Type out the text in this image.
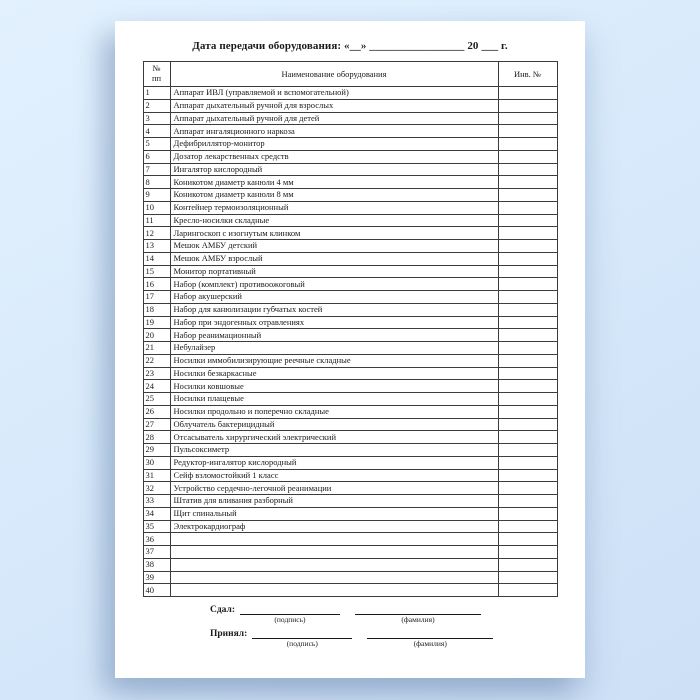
Дата передачи оборудования: «__» _________________ 20 ___ г.
№
пп	Наименование оборудования	Инв. №
1	Аппарат ИВЛ (управляемой и вспомогательной)	
2	Аппарат дыхательный ручной для взрослых	
3	Аппарат дыхательный ручной для детей	
4	Аппарат ингаляционного наркоза	
5	Дефибриллятор-монитор	
6	Дозатор лекарственных средств	
7	Ингалятор кислородный	
8	Коникотом диаметр канюли 4 мм	
9	Коникотом диаметр канюли 8 мм	
10	Контейнер термоизоляционный	
11	Кресло-носилки складные	
12	Ларингоскоп с изогнутым клинком	
13	Мешок АМБУ детский	
14	Мешок АМБУ взрослый	
15	Монитор портативный	
16	Набор (комплект) противоожоговый	
17	Набор акушерский	
18	Набор для канюлизации губчатых костей	
19	Набор при эндогенных отравлениях	
20	Набор реанимационный	
21	Небулайзер	
22	Носилки иммобилизирующие реечные складные	
23	Носилки безкаркасные	
24	Носилки ковшовые	
25	Носилки плащевые	
26	Носилки продольно и поперечно складные	
27	Облучатель бактерицидный	
28	Отсасыватель хирургический электрический	
29	Пульсоксиметр	
30	Редуктор-ингалятор кислородный	
31	Сейф взломостойкий 1 класс	
32	Устройство сердечно-легочной реанимации	
33	Штатив для вливания разборный	
34	Щит спинальный	
35	Электрокардиограф	
36		
37		
38		
39		
40		
Сдал:
(подпись)	(фамилия)
Принял:
(подпись)	(фамилия)
